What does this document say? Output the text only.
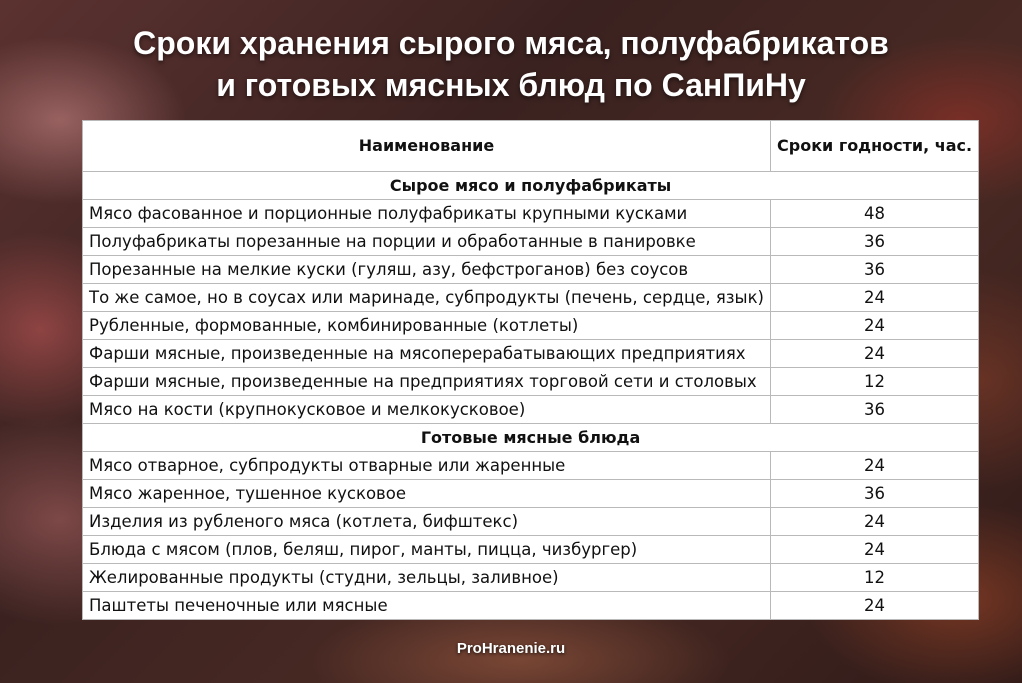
Сроки хранения сырого мяса, полуфабрикатов
и готовых мясных блюд по СанПиНу
Наименование	Сроки годности, час.
Сырое мясо и полуфабрикаты	
Мясо фасованное и порционные полуфабрикаты крупными кусками	48
Полуфабрикаты порезанные на порции и обработанные в панировке	36
Порезанные на мелкие куски (гуляш, азу, бефстроганов) без соусов	36
То же самое, но в соусах или маринаде, субпродукты (печень, сердце, язык)	24
Рубленные, формованные, комбинированные (котлеты)	24
Фарши мясные, произведенные на мясоперерабатывающих предприятиях	24
Фарши мясные, произведенные на предприятиях торговой сети и столовых	12
Мясо на кости (крупнокусковое и мелкокусковое)	36
Готовые мясные блюда	
Мясо отварное, субпродукты отварные или жаренные	24
Мясо жаренное, тушенное кусковое	36
Изделия из рубленого мяса (котлета, бифштекс)	24
Блюда с мясом (плов, беляш, пирог, манты, пицца, чизбургер)	24
Желированные продукты (студни, зельцы, заливное)	12
Паштеты печеночные или мясные	24
ProHranenie.ru
